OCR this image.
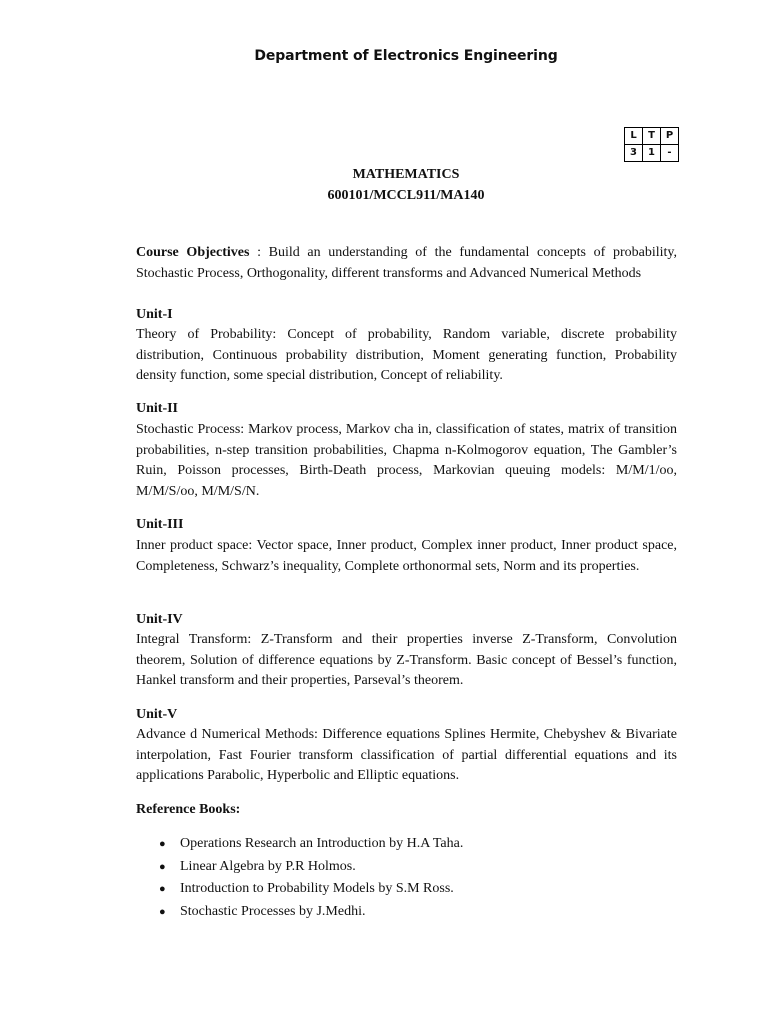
Department of Electronics Engineering
L	T	P
3	1	-
MATHEMATICS
600101/MCCL911/MA140
Course Objectives : Build an understanding of the fundamental concepts of probability, Stochastic Process, Orthogonality, different transforms and Advanced Numerical Methods
Unit-I
Theory of Probability: Concept of probability, Random variable, discrete probability distribution, Continuous probability distribution, Moment generating function, Probability density function, some special distribution, Concept of reliability.
Unit-II
Stochastic Process: Markov process, Markov cha in, classification of states, matrix of transition probabilities, n-step transition probabilities, Chapma n-Kolmogorov equation, The Gambler’s Ruin, Poisson processes, Birth-Death process, Markovian queuing models: M/M/1/oo, M/M/S/oo, M/M/S/N.
Unit-III
Inner product space: Vector space, Inner product, Complex inner product, Inner product space, Completeness, Schwarz’s inequality, Complete orthonormal sets, Norm and its properties.
Unit-IV
Integral Transform: Z-Transform and their properties inverse Z-Transform, Convolution theorem, Solution of difference equations by Z-Transform. Basic concept of Bessel’s function, Hankel transform and their properties, Parseval’s theorem.
Unit-V
Advance d Numerical Methods: Difference equations Splines Hermite, Chebyshev & Bivariate interpolation, Fast Fourier transform classification of partial differential equations and its applications Parabolic, Hyperbolic and Elliptic equations.
Reference Books:
● Operations Research an Introduction by H.A Taha.
● Linear Algebra by P.R Holmos.
● Introduction to Probability Models by S.M Ross.
● Stochastic Processes by J.Medhi.
